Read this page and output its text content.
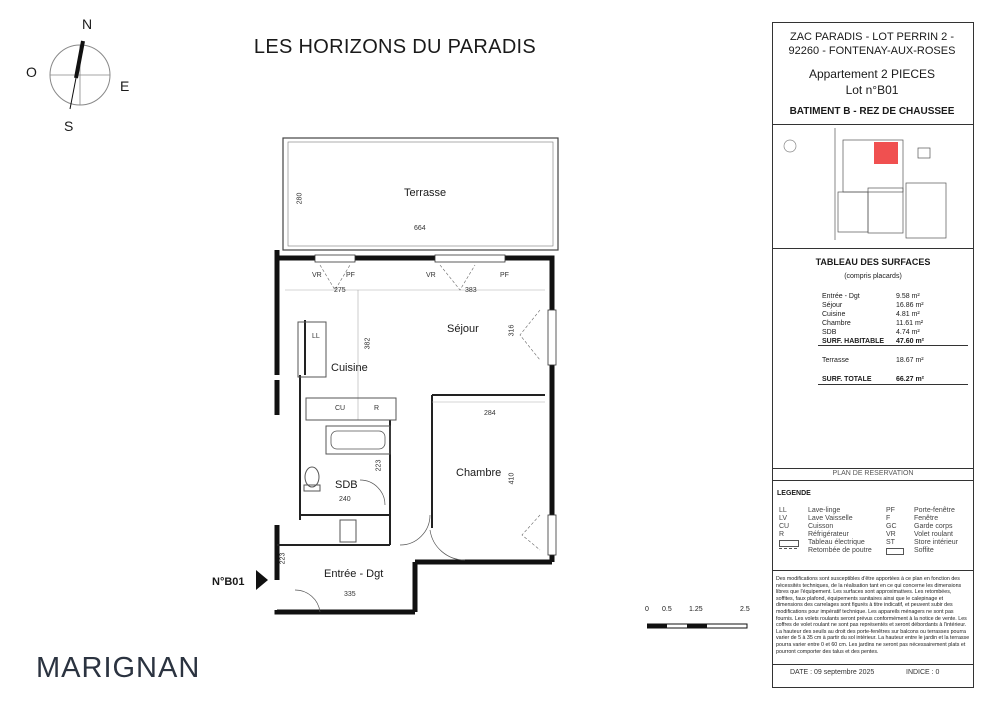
LES HORIZONS DU PARADIS
N
O
E
S
Terrasse
Séjour
Cuisine
Chambre
SDB
Entrée - Dgt
664
280
275	383
316
382
284
410
223
240
223
335
LL
CU	R
VR	PF	VR	PF
N°B01
0 0.5 1.25	2.5
MARIGNAN
ZAC PARADIS - LOT PERRIN 2 -
92260 - FONTENAY-AUX-ROSES
Appartement 2 PIECES
Lot n°B01
BATIMENT B - REZ DE CHAUSSEE
TABLEAU DES SURFACES
(compris placards)
Entrée - Dgt	9.58 m²
Séjour	16.86 m²
Cuisine	4.81 m²
Chambre	11.61 m²
SDB	4.74 m²
SURF. HABITABLE 47.60 m²
Terrasse	18.67 m²
SURF. TOTALE	66.27 m²
PLAN DE RESERVATION
LEGENDE
LL	Lave-linge
LV	Lave Vaisselle
CU	Cuisson
R	Réfrigérateur
Tableau électrique
Retombée de poutre
PF	Porte-fenêtre
F	Fenêtre
GC	Garde corps
VR	Volet roulant
ST	Store intérieur
Soffite
Des modifications sont susceptibles d'être apportées à ce plan en fonction des nécessités techniques, de la réalisation tant en ce qui concerne les dimensions libres que l'équipement. Les surfaces sont approximatives. Les retombées, soffites, faux plafond, équipements sanitaires ainsi que le calepinage et dimensions des carrelages sont figurés à titre indicatif, et peuvent subir des modifications pour impératif technique. Les appareils ménagers ne sont pas fournis. Les volets roulants seront prévus conformément à la notice de vente. Les coffres de volet roulant ne sont pas représentés et seront débordants à l'intérieur. La hauteur des seuils au droit des porte-fenêtres sur balcons ou terrasses pourra varier de 5 à 35 cm à partir du sol intérieur. La hauteur entre le jardin et la terrasse pourra varier entre 0 et 60 cm. Les jardins ne seront pas nécessairement plats et pourront comporter des talus et des pentes.
DATE : 09 septembre 2025	INDICE : 0
